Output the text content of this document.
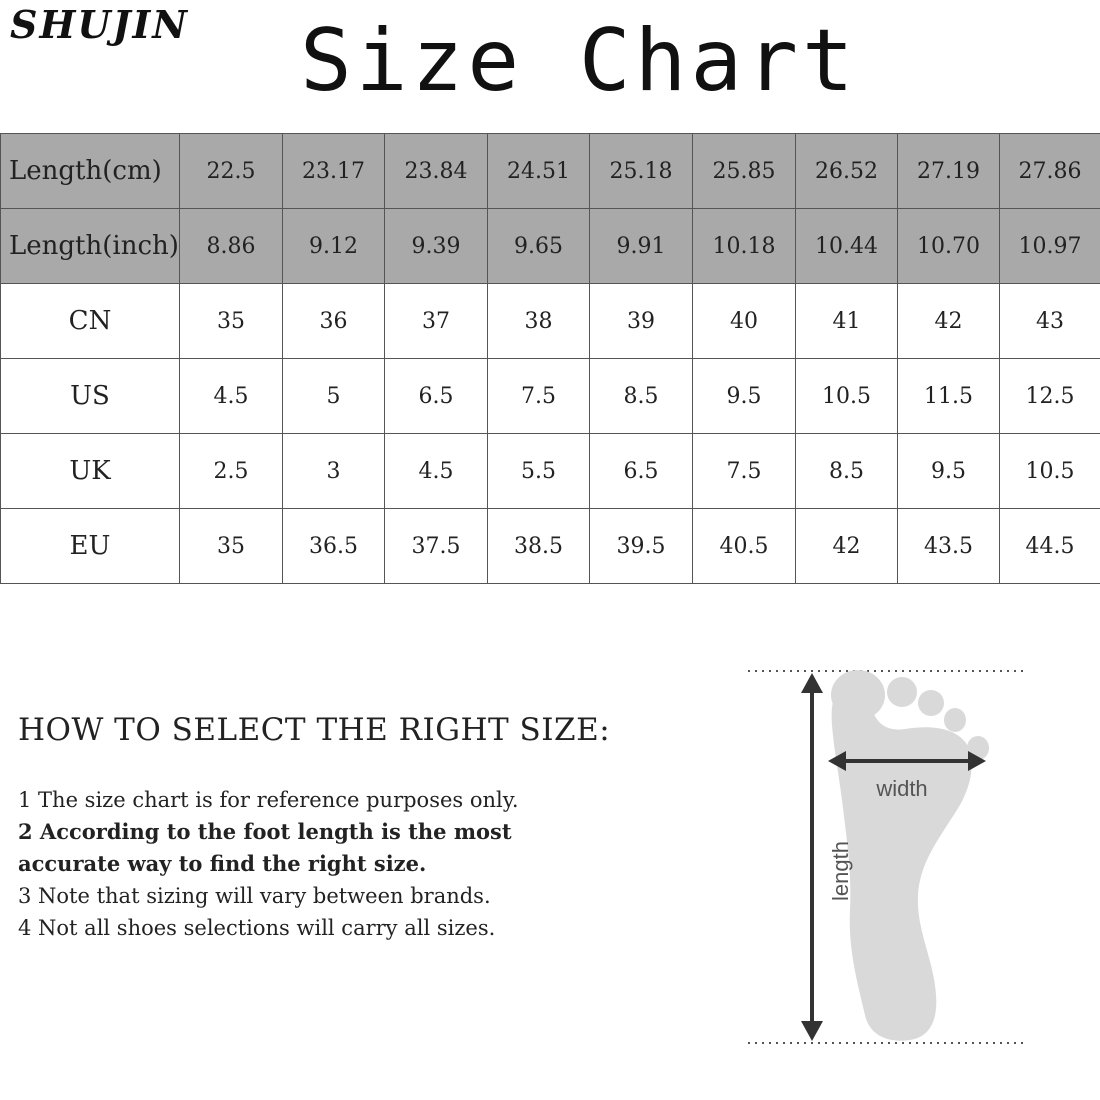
SHUJIN Size Chart
Length(cm)	22.5	23.17	23.84	24.51	25.18	25.85	26.52	27.19	27.86
Length(inch)	8.86	9.12	9.39	9.65	9.91	10.18	10.44	10.70	10.97
CN	35	36	37	38	39	40	41	42	43
US	4.5	5	6.5	7.5	8.5	9.5	10.5	11.5	12.5
UK	2.5	3	4.5	5.5	6.5	7.5	8.5	9.5	10.5
EU	35	36.5	37.5	38.5	39.5	40.5	42	43.5	44.5
HOW TO SELECT THE RIGHT SIZE:
1 The size chart is for reference purposes only.
2 According to the foot length is the most accurate way to find the right size.
3 Note that sizing will vary between brands.
4 Not all shoes selections will carry all sizes.
width
length
